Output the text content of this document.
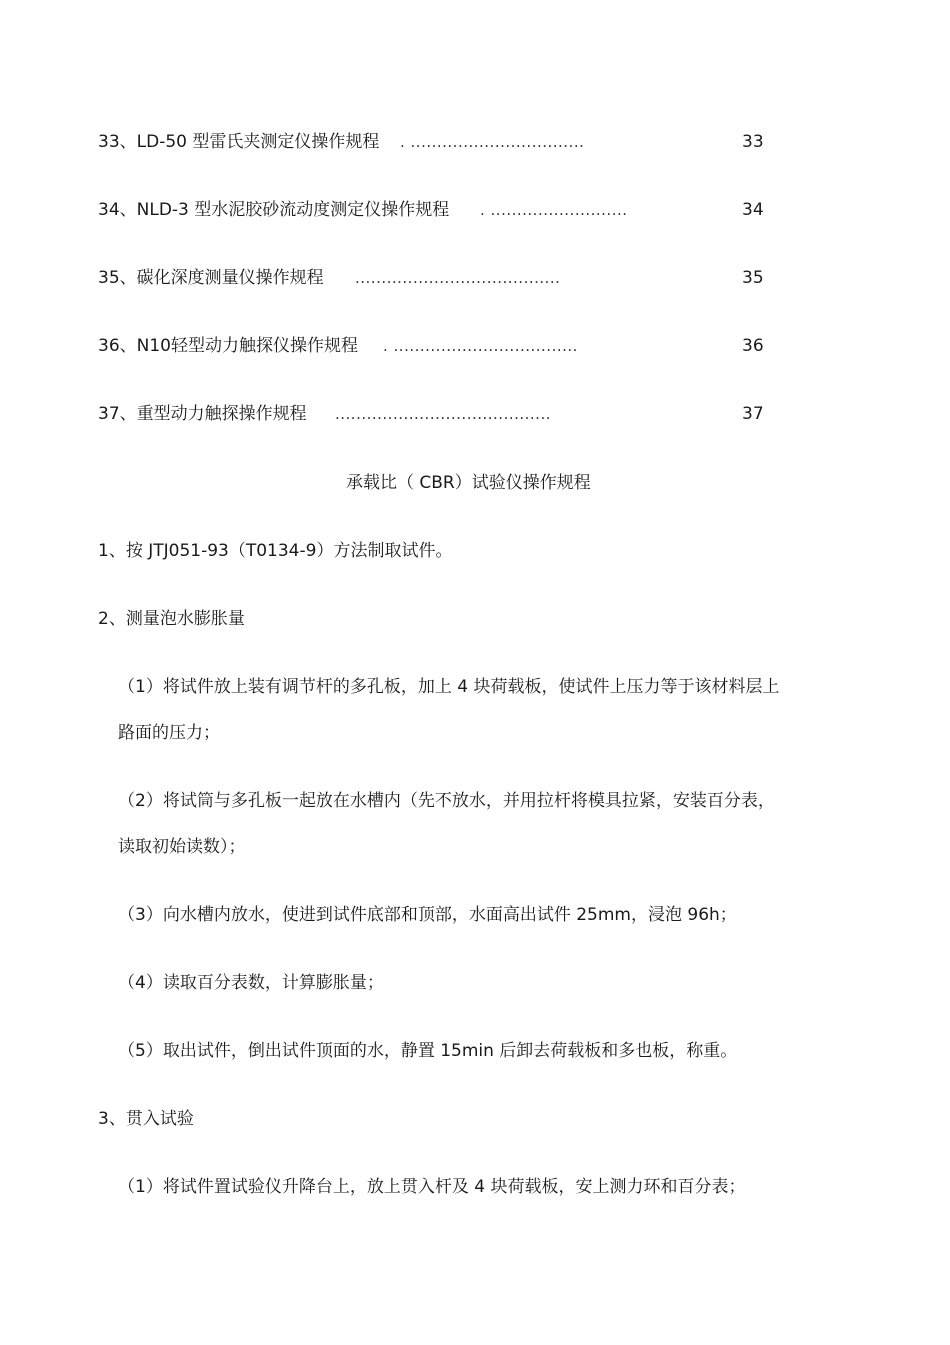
33、LD-50 型雷氏夹测定仪操作规程 . .................................	33
34、NLD-3 型水泥胶砂流动度测定仪操作规程 . ..........................	34
35、碳化深度测量仪操作规程 .......................................	35
36、N10轻型动力触探仪操作规程 . ...................................	36
37、重型动力触探操作规程 .........................................	37
承载比（ CBR）试验仪操作规程
1、按 JTJ051-93（T0134-9）方法制取试件。
2、测量泡水膨胀量
（1）将试件放上装有调节杆的多孔板，加上 4 块荷载板，使试件上压力等于该材料层上
路面的压力；
（2）将试筒与多孔板一起放在水槽内（先不放水，并用拉杆将模具拉紧，安装百分表，
读取初始读数）；
（3）向水槽内放水，使进到试件底部和顶部，水面高出试件 25mm，浸泡 96h；
（4）读取百分表数，计算膨胀量；
（5）取出试件，倒出试件顶面的水，静置 15min 后卸去荷载板和多也板，称重。
3、贯入试验
（1）将试件置试验仪升降台上，放上贯入杆及 4 块荷载板，安上测力环和百分表；
